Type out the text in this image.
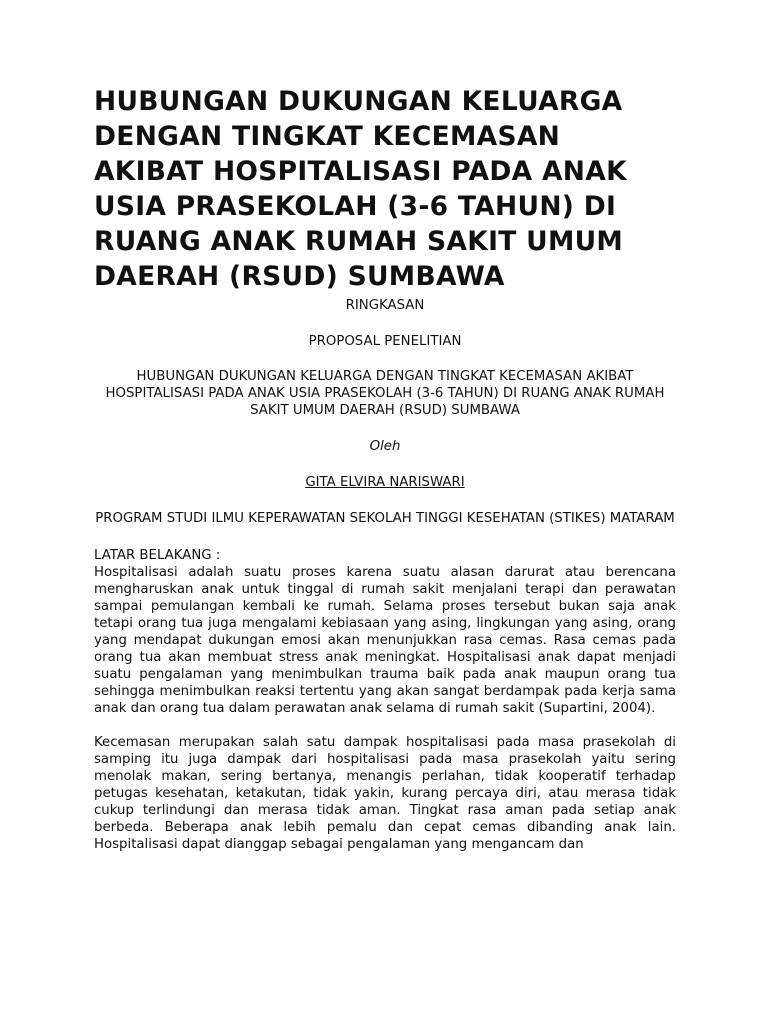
HUBUNGAN DUKUNGAN KELUARGA DENGAN TINGKAT KECEMASAN AKIBAT HOSPITALISASI PADA ANAK USIA PRASEKOLAH (3-6 TAHUN) DI RUANG ANAK RUMAH SAKIT UMUM DAERAH (RSUD) SUMBAWA

RINGKASAN

PROPOSAL PENELITIAN

HUBUNGAN DUKUNGAN KELUARGA DENGAN TINGKAT KECEMASAN AKIBAT HOSPITALISASI PADA ANAK USIA PRASEKOLAH (3-6 TAHUN) DI RUANG ANAK RUMAH SAKIT UMUM DAERAH (RSUD) SUMBAWA

Oleh

GITA ELVIRA NARISWARI

PROGRAM STUDI ILMU KEPERAWATAN SEKOLAH TINGGI KESEHATAN (STIKES) MATARAM

LATAR BELAKANG :

Hospitalisasi adalah suatu proses karena suatu alasan darurat atau berencana mengharuskan anak untuk tinggal di rumah sakit menjalani terapi dan perawatan sampai pemulangan kembali ke rumah. Selama proses tersebut bukan saja anak tetapi orang tua juga mengalami kebiasaan yang asing, lingkungan yang asing, orang yang mendapat dukungan emosi akan menunjukkan rasa cemas. Rasa cemas pada orang tua akan membuat stress anak meningkat. Hospitalisasi anak dapat menjadi suatu pengalaman yang menimbulkan trauma baik pada anak maupun orang tua sehingga menimbulkan reaksi tertentu yang akan sangat berdampak pada kerja sama anak dan orang tua dalam perawatan anak selama di rumah sakit (Supartini, 2004).

Kecemasan merupakan salah satu dampak hospitalisasi pada masa prasekolah di samping itu juga dampak dari hospitalisasi pada masa prasekolah yaitu sering menolak makan, sering bertanya, menangis perlahan, tidak kooperatif terhadap petugas kesehatan, ketakutan, tidak yakin, kurang percaya diri, atau merasa tidak cukup terlindungi dan merasa tidak aman. Tingkat rasa aman pada setiap anak berbeda. Beberapa anak lebih pemalu dan cepat cemas dibanding anak lain. Hospitalisasi dapat dianggap sebagai pengalaman yang mengancam dan
